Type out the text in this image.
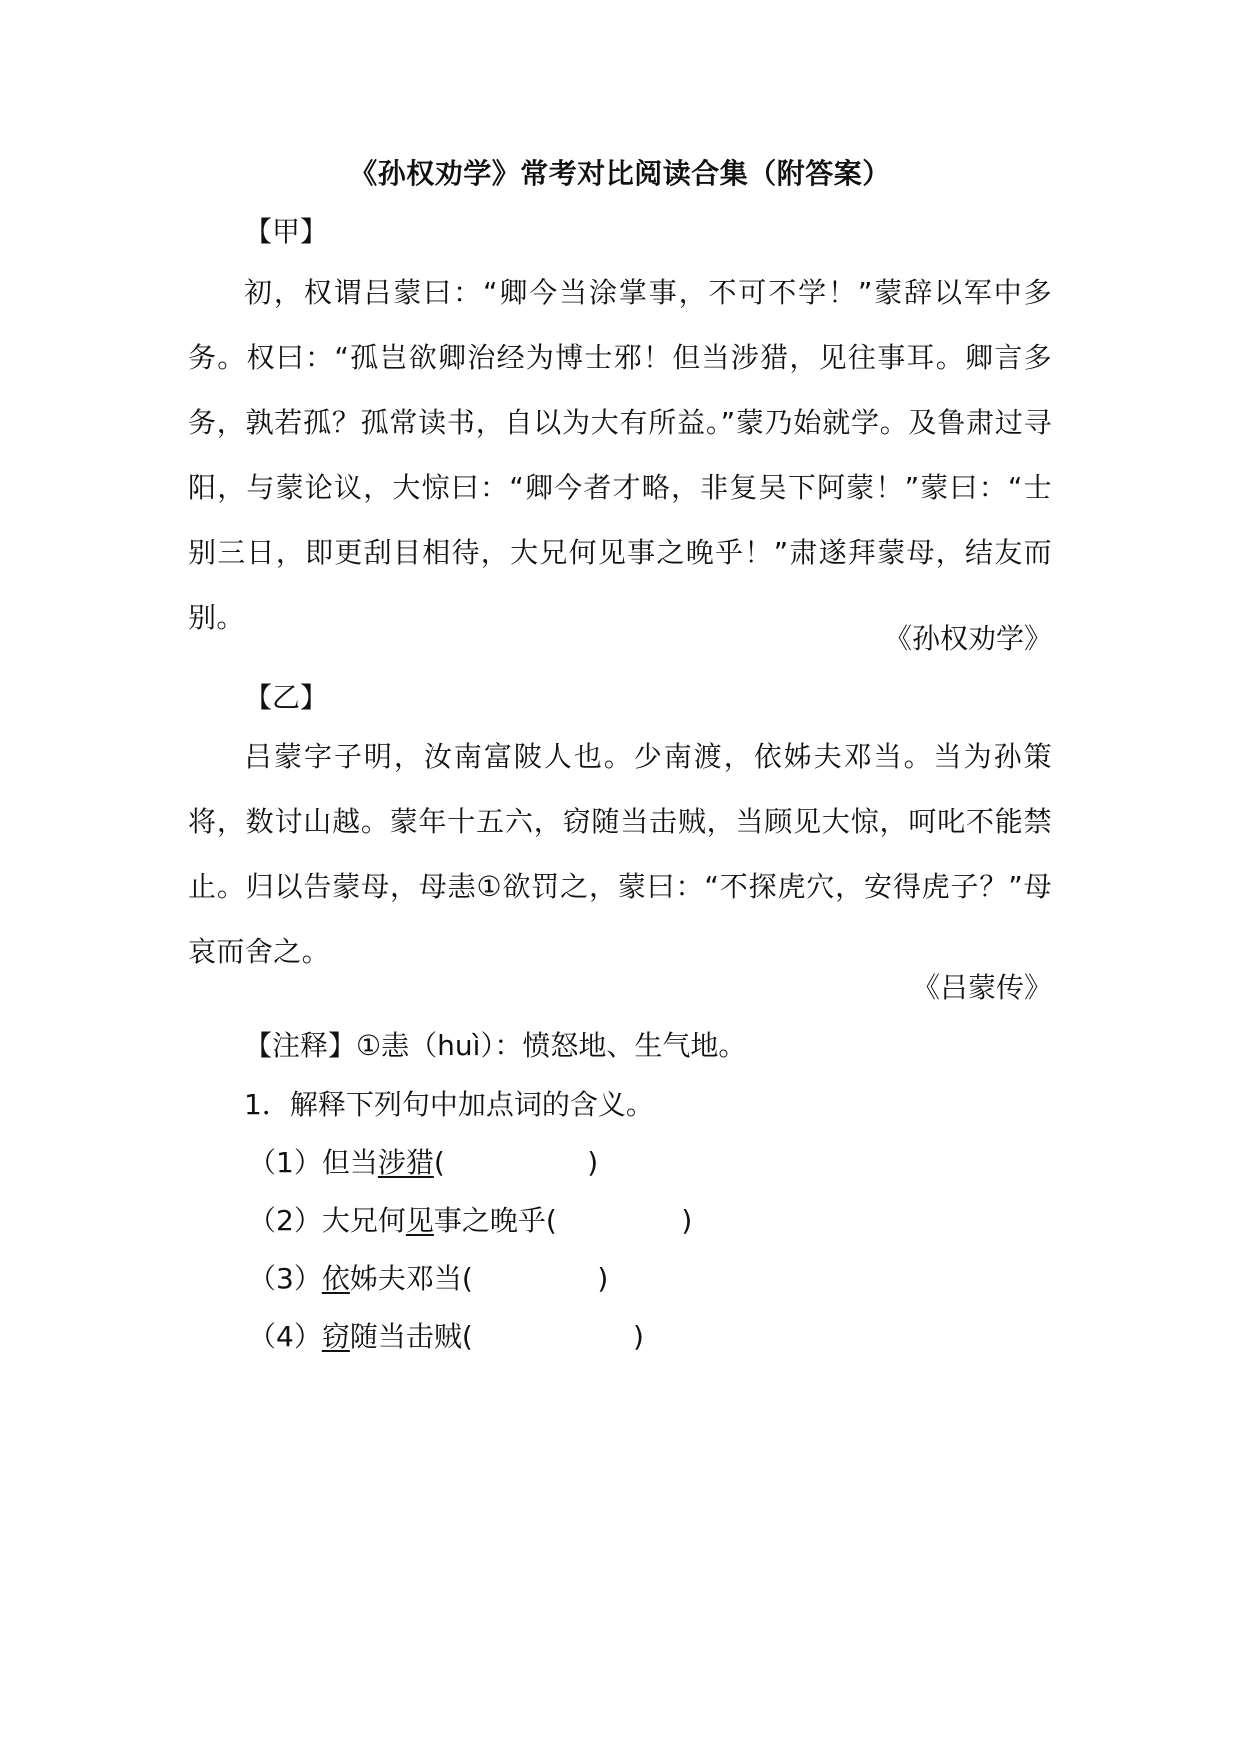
《孙权劝学》常考对比阅读合集（附答案）
【甲】

初，权谓吕蒙曰：“卿今当涂掌事，不可不学！”蒙辞以军中多务。权曰：“孤岂欲卿治经为博士邪！但当涉猎，见往事耳。卿言多务，孰若孤？孤常读书，自以为大有所益。”蒙乃始就学。及鲁肃过寻阳，与蒙论议，大惊曰：“卿今者才略，非复吴下阿蒙！”蒙曰：“士别三日，即更刮目相待，大兄何见事之晚乎！”肃遂拜蒙母，结友而别。

《孙权劝学》
【乙】

吕蒙字子明，汝南富陂人也。少南渡，依姊夫邓当。当为孙策将，数讨山越。蒙年十五六，窃随当击贼，当顾见大惊，呵叱不能禁止。归以告蒙母，母恚①欲罚之，蒙曰：“不探虎穴，安得虎子？”母哀而舍之。

《吕蒙传》
【注释】①恚（huì）：愤怒地、生气地。
1．解释下列句中加点词的含义。
（1）但当涉猎(                )
（2）大兄何见事之晚乎(              )
（3）依姊夫邓当(              )
（4）窃随当击贼(                  )
